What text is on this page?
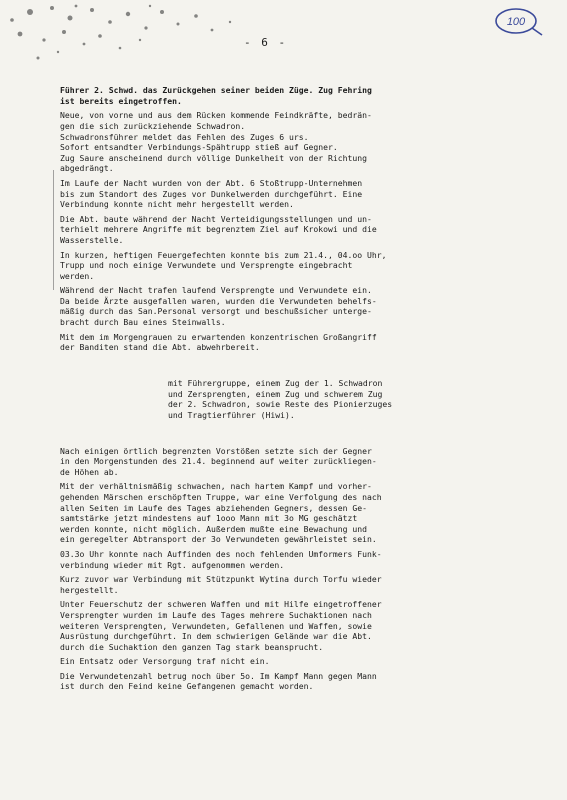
100
- 6 -

Führer 2. Schwd. das Zurückgehen seiner beiden Züge. Zug Fehring
ist bereits eingetroffen.
Neue, von vorne und aus dem Rücken kommende Feindkräfte, bedrän-
gen die sich zurückziehende Schwadron.
Schwadronsführer meldet das Fehlen des Zuges 6 urs.
Sofort entsandter Verbindungs-Spähtrupp stieß auf Gegner.
Zug Saure anscheinend durch völlige Dunkelheit von der Richtung
abgedrängt.
Im Laufe der Nacht wurden von der Abt. 6 Stoßtrupp-Unternehmen
bis zum Standort des Zuges vor Dunkelwerden durchgeführt. Eine
Verbindung konnte nicht mehr hergestellt werden.
Die Abt. baute während der Nacht Verteidigungsstellungen und un-
terhielt mehrere Angriffe mit begrenztem Ziel auf Krokowi und die
Wasserstelle.
In kurzen, heftigen Feuergefechten konnte bis zum 21.4., 04.oo Uhr,
Trupp und noch einige Verwundete und Versprengte eingebracht
werden.
Während der Nacht trafen laufend Versprengte und Verwundete ein.
Da beide Ärzte ausgefallen waren, wurden die Verwundeten behelfs-
mäßig durch das San.Personal versorgt und beschußsicher unterge-
bracht durch Bau eines Steinwalls.
Mit dem im Morgengrauen zu erwartenden konzentrischen Großangriff
der Banditen stand die Abt. abwehrbereit.

mit Führergruppe, einem Zug der 1. Schwadron
und Zersprengten, einem Zug und schwerem Zug
der 2. Schwadron, sowie Reste des Pionierzuges
und Tragtierführer (Hiwi).

Nach einigen örtlich begrenzten Vorstößen setzte sich der Gegner
in den Morgenstunden des 21.4. beginnend auf weiter zurückliegen-
de Höhen ab.
Mit der verhältnismäßig schwachen, nach hartem Kampf und vorher-
gehenden Märschen erschöpften Truppe, war eine Verfolgung des nach
allen Seiten im Laufe des Tages abziehenden Gegners, dessen Ge-
samtstärke jetzt mindestens auf 1ooo Mann mit 3o MG geschätzt
werden konnte, nicht möglich. Außerdem mußte eine Bewachung und
ein geregelter Abtransport der 3o Verwundeten gewährleistet sein.
03.3o Uhr konnte nach Auffinden des noch fehlenden Umformers Funk-
verbindung wieder mit Rgt. aufgenommen werden.
Kurz zuvor war Verbindung mit Stützpunkt Wytina durch Torfu wieder
hergestellt.
Unter Feuerschutz der schweren Waffen und mit Hilfe eingetroffener
Versprengter wurden im Laufe des Tages mehrere Suchaktionen nach
weiteren Versprengten, Verwundeten, Gefallenen und Waffen, sowie
Ausrüstung durchgeführt. In dem schwierigen Gelände war die Abt.
durch die Suchaktion den ganzen Tag stark beansprucht.
Ein Entsatz oder Versorgung traf nicht ein.
Die Verwundetenzahl betrug noch über 5o. Im Kampf Mann gegen Mann
ist durch den Feind keine Gefangenen gemacht worden.
